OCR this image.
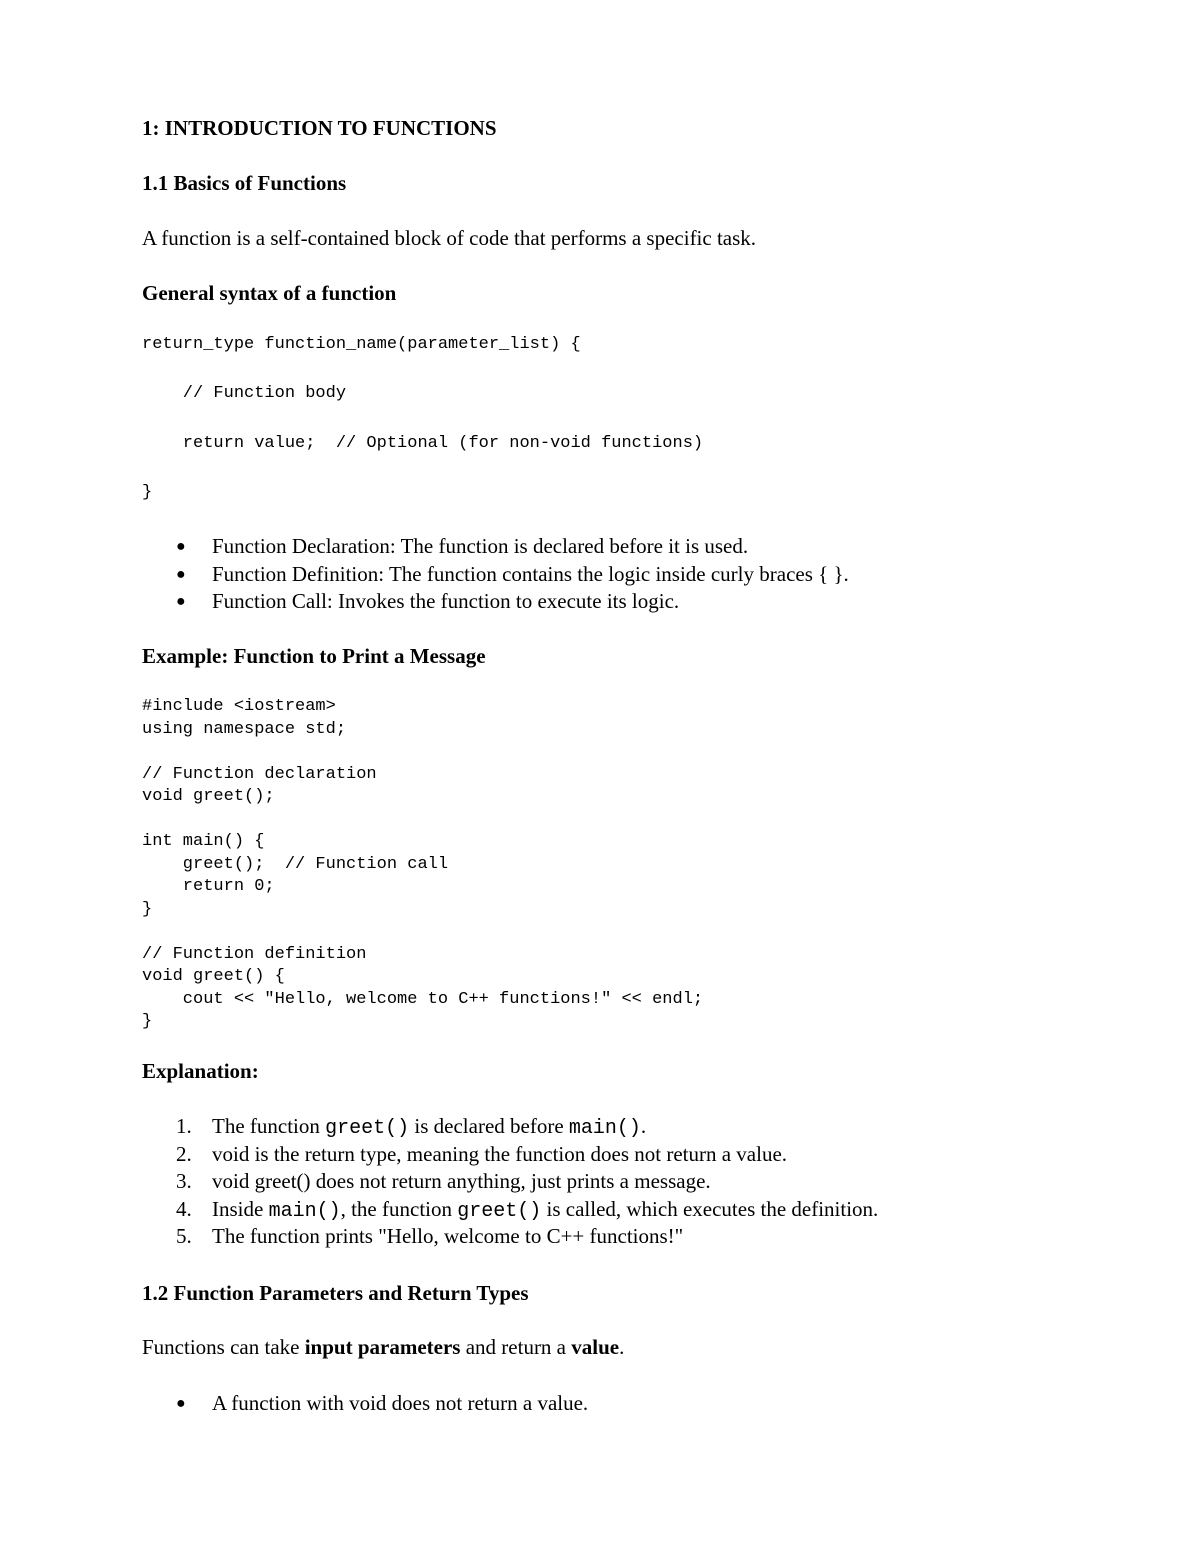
1: INTRODUCTION TO FUNCTIONS
1.1 Basics of Functions

A function is a self-contained block of code that performs a specific task.

General syntax of a function
return_type function_name(parameter_list) {

// Function body

return value;  // Optional (for non-void functions)

}
● Function Declaration: The function is declared before it is used.
● Function Definition: The function contains the logic inside curly braces { }.
● Function Call: Invokes the function to execute its logic.
Example: Function to Print a Message
#include <iostream>
using namespace std;

// Function declaration
void greet();

int main() {
greet();  // Function call
return 0;
}

// Function definition
void greet() {
cout << "Hello, welcome to C++ functions!" << endl;
}
Explanation:
1. The function greet() is declared before main().
2. void is the return type, meaning the function does not return a value.
3. void greet() does not return anything, just prints a message.
4. Inside main(), the function greet() is called, which executes the definition.
5. The function prints "Hello, welcome to C++ functions!"
1.2 Function Parameters and Return Types

Functions can take input parameters and return a value.

● A function with void does not return a value.
